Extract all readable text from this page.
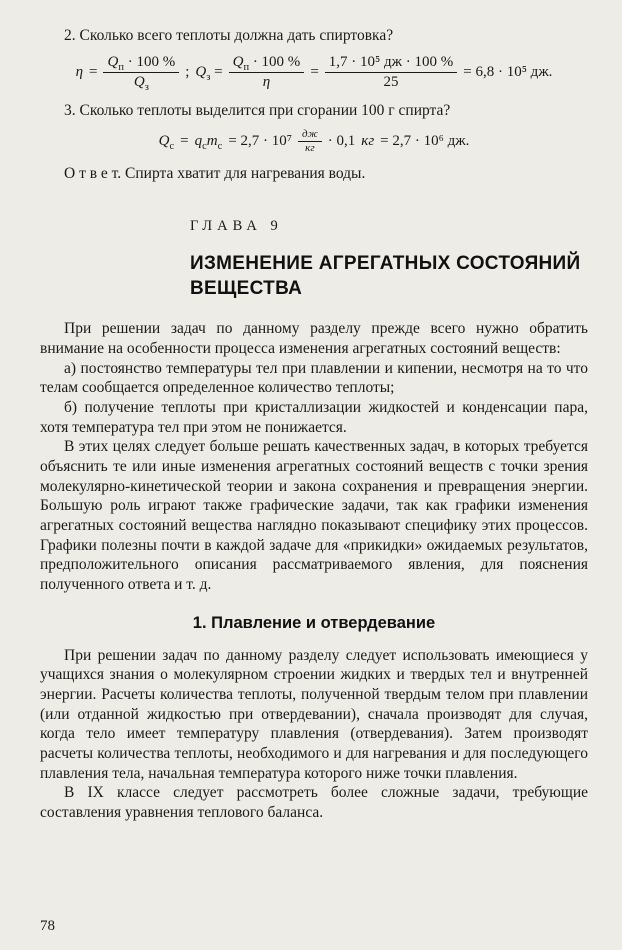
2. Сколько всего теплоты должна дать спиртовка?

$\eta = \frac{Q_п \cdot 100 \%}{Q_з}$ ; $Q_з = \frac{Q_п \cdot 100 \%}{\eta} = \frac{\text{1,7 · 10⁵ дж · 100 \%}}{25} = 6,8 \cdot 10^5$ дж.

3. Сколько теплоты выделится при сгорании 100 г спирта?

$Q_с = q_сm_с = 2,7 \cdot 10^7 \frac{дж}{кг} \cdot 0,1$ кг = 2,7 · 10⁶ дж.

О т в е т. Спирта хватит для нагревания воды.

ГЛАВА 9
ИЗМЕНЕНИЕ АГРЕГАТНЫХ СОСТОЯНИЙ ВЕЩЕСТВА

При решении задач по данному разделу прежде всего нужно обратить внимание на особенности процесса изменения агрегатных состояний веществ:

а) постоянство температуры тел при плавлении и кипении, несмотря на то что телам сообщается определенное количество теплоты;

б) получение теплоты при кристаллизации жидкостей и конденсации пара, хотя температура тел при этом не понижается.

В этих целях следует больше решать качественных задач, в которых требуется объяснить те или иные изменения агрегатных состояний веществ с точки зрения молекулярно-кинетической теории и закона сохранения и превращения энергии. Большую роль играют также графические задачи, так как графики изменения агрегатных состояний вещества наглядно показывают специфику этих процессов. Графики полезны почти в каждой задаче для «прикидки» ожидаемых результатов, предположительного описания рассматриваемого явления, для пояснения полученного ответа и т. д.

1. Плавление и отвердевание

При решении задач по данному разделу следует использовать имеющиеся у учащихся знания о молекулярном строении жидких и твердых тел и внутренней энергии. Расчеты количества теплоты, полученной твердым телом при плавлении (или отданной жидкостью при отвердевании), сначала производят для случая, когда тело имеет температуру плавления (отвердевания). Затем производят расчеты количества теплоты, необходимого и для нагревания и для последующего плавления тела, начальная температура которого ниже точки плавления.

В IX классе следует рассмотреть более сложные задачи, требующие составления уравнения теплового баланса.

78
